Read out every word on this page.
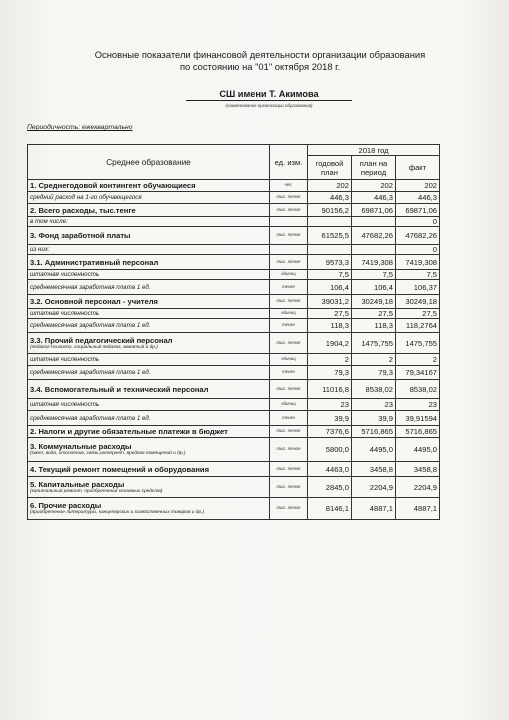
Основные показатели финансовой деятельности организации образования
по состоянию на "01" октября 2018 г.
СШ имени Т. Акимова
(наименование организации образования)
Периодичность: ежеквартально
Среднее образование	ед. изм.	2018 год		
		годовой план	план на период	факт
1. Среднегодовой контингент обучающиеся	чел.	202	202	202
средний расход на 1-го обучающегося	тыс. тенге	446,3	446,3	446,3
2. Всего расходы, тыс.тенге	тыс. тенге	90156,2	69871,06	69871,06
в том числе:				0
3. Фонд заработной платы	тыс. тенге	61525,5	47682,26	47682,26
из них:				0
3.1. Административный персонал	тыс. тенге	9573,3	7419,308	7419,308
штатная численность	единиц	7,5	7,5	7,5
среднемесячная заработная плата 1 ед.	тенге	106,4	106,4	106,37
3.2. Основной персонал - учителя	тыс. тенге	39031,2	30249,18	30249,18
штатная численность	единиц	27,5	27,5	27,5
среднемесячная заработная плата 1 ед.	тенге	118,3	118,3	118,2764
3.3. Прочий педагогический персонал
(педагог-психолог, социальный педагог, вожатый и др.)	тыс. тенге	1904,2	1475,755	1475,755
штатная численность	единиц	2	2	2
среднемесячная заработная плата 1 ед.	тенге	79,3	79,3	79,34167
3.4. Вспомогательный и технический персонал	тыс. тенге	11016,8	8538,02	8538,02
штатная численность	единиц	23	23	23
среднемесячная заработная плата 1 ед.	тенге	39,9	39,9	39,91594
2. Налоги и другие обязательные платежи в бюджет	тыс. тенге	7376,6	5716,865	5716,865
3. Коммунальные расходы
(свет, вода, отопление, связь,интернет, вредгая помещений и др.)	тыс. тенге	5800,0	4495,0	4495,0
4. Текущий ремонт помещений и оборудования	тыс. тенге	4463,0	3458,8	3458,8
5. Капитальные расходы
(капитальный ремонт, приобретение основных средств)	тыс. тенге	2845,0	2204,9	2204,9
6. Прочие расходы
(приобретение литературы, канцелярских и хозяйственных товаров и др.)	тыс. тенге	8146,1	4887,1	4887,1
